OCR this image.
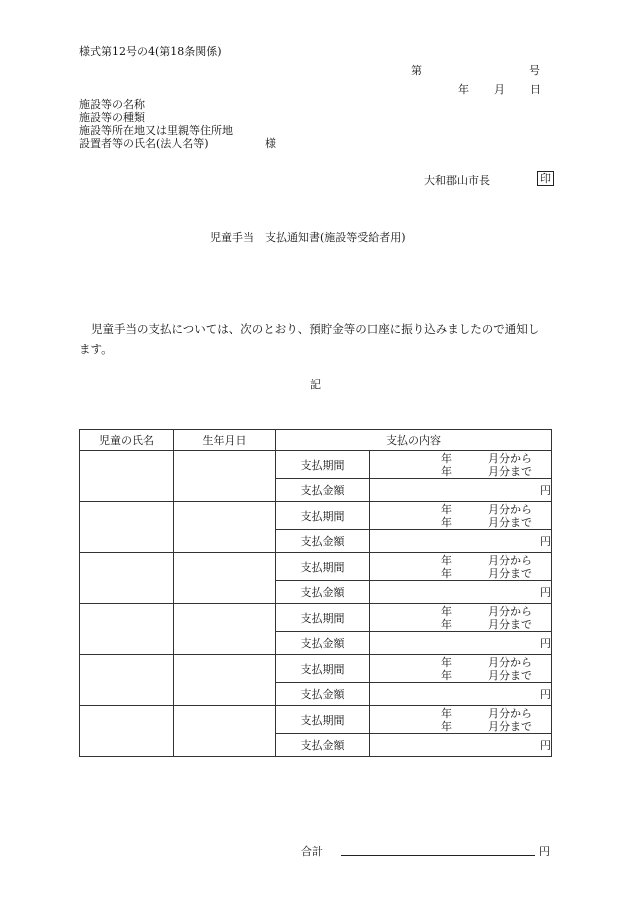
様式第12号の4(第18条関係)
第	号
年 月 日
施設等の名称
施設等の種類
施設等所在地又は里親等住所地
設置者等の氏名(法人名等)	様
大和郡山市長	印
児童手当　支払通知書(施設等受給者用)
児童手当の支払については、次のとおり、預貯金等の口座に振り込みましたので通知し
ます。
記
児童の氏名	生年月日	支払の内容	
		支払期間	年 月分から
年 月分まで

		支払金額	円
		支払期間	年 月分から
年 月分まで

		支払金額	円
		支払期間	年 月分から
年 月分まで

		支払金額	円
		支払期間	年 月分から
年 月分まで

		支払金額	円
		支払期間	年 月分から
年 月分まで

		支払金額	円
		支払期間	年 月分から
年 月分まで

		支払金額	円
合計	円
